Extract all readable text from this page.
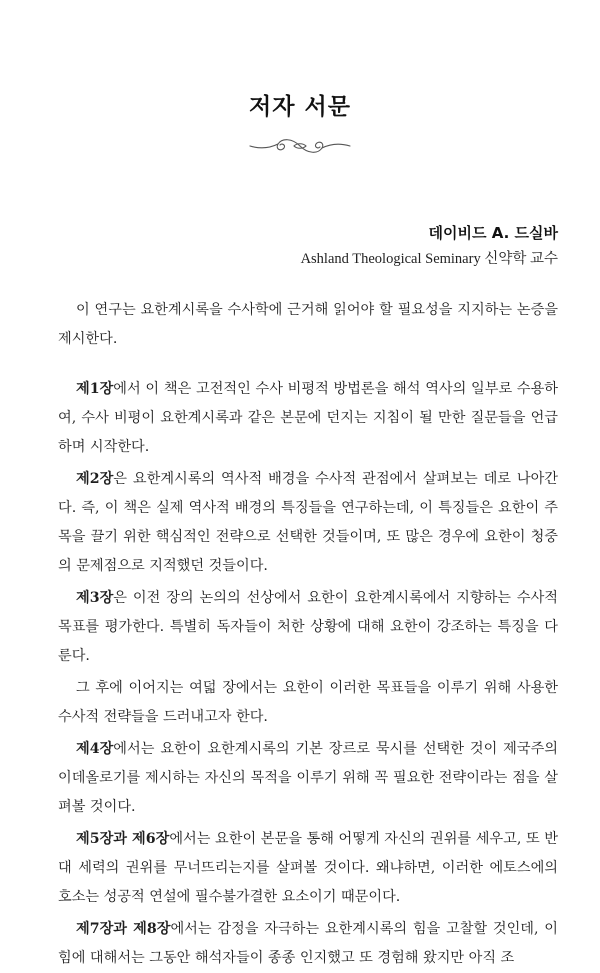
저자 서문
데이비드 A. 드실바
Ashland Theological Seminary 신약학 교수

이 연구는 요한계시록을 수사학에 근거해 읽어야 할 필요성을 지지하는 논증을 제시한다.

제1장에서 이 책은 고전적인 수사 비평적 방법론을 해석 역사의 일부로 수용하여, 수사 비평이 요한계시록과 같은 본문에 던지는 지침이 될 만한 질문들을 언급하며 시작한다.

제2장은 요한계시록의 역사적 배경을 수사적 관점에서 살펴보는 데로 나아간다. 즉, 이 책은 실제 역사적 배경의 특징들을 연구하는데, 이 특징들은 요한이 주목을 끌기 위한 핵심적인 전략으로 선택한 것들이며, 또 많은 경우에 요한이 청중의 문제점으로 지적했던 것들이다.

제3장은 이전 장의 논의의 선상에서 요한이 요한계시록에서 지향하는 수사적 목표를 평가한다. 특별히 독자들이 처한 상황에 대해 요한이 강조하는 특징을 다룬다.

그 후에 이어지는 여덟 장에서는 요한이 이러한 목표들을 이루기 위해 사용한 수사적 전략들을 드러내고자 한다.

제4장에서는 요한이 요한계시록의 기본 장르로 묵시를 선택한 것이 제국주의 이데올로기를 제시하는 자신의 목적을 이루기 위해 꼭 필요한 전략이라는 점을 살펴볼 것이다.

제5장과 제6장에서는 요한이 본문을 통해 어떻게 자신의 권위를 세우고, 또 반대 세력의 권위를 무너뜨리는지를 살펴볼 것이다. 왜냐하면, 이러한 에토스에의 호소는 성공적 연설에 필수불가결한 요소이기 때문이다.

제7장과 제8장에서는 감정을 자극하는 요한계시록의 힘을 고찰할 것인데, 이 힘에 대해서는 그동안 해석자들이 종종 인지했고 또 경험해 왔지만 아직 조
